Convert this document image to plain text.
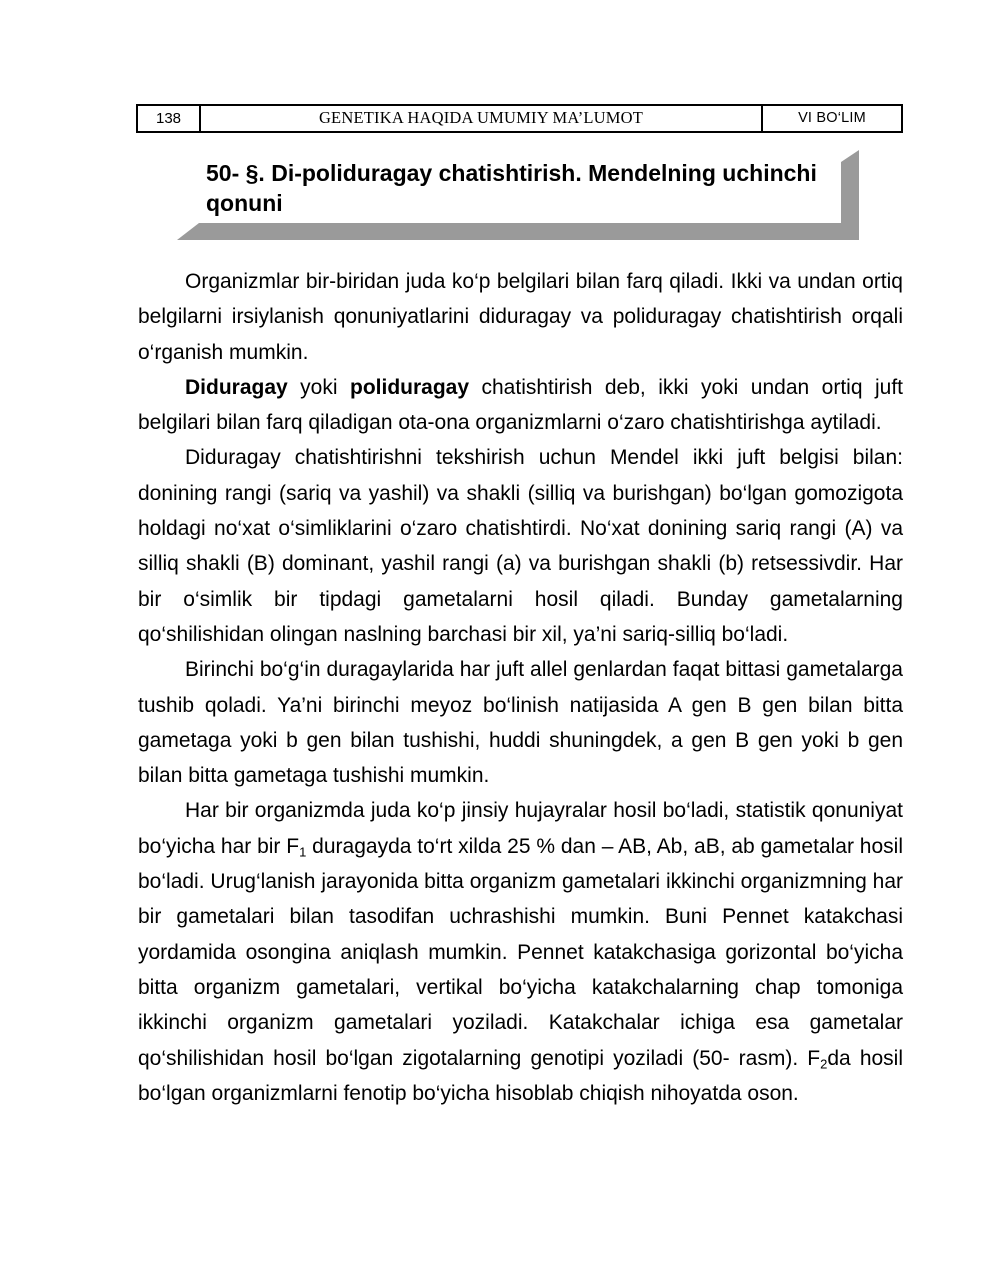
138	GENETIKA HAQIDA UMUMIY MA’LUMOT	VI BO‘LIM
50- §. Di-poliduragay chatishtirish. Mendelning uchinchi qonuni

Organizmlar bir-biridan juda ko‘p belgilari bilan farq qiladi. Ikki va undan ortiq belgilarni irsiylanish qonuniyatlarini diduragay va poliduragay chatishtirish orqali o‘rganish mumkin.

Diduragay yoki poliduragay chatishtirish deb, ikki yoki undan ortiq juft belgilari bilan farq qiladigan ota-ona organizmlarni o‘zaro chatishtirishga aytiladi.

Diduragay chatishtirishni tekshirish uchun Mendel ikki juft belgisi bilan: donining rangi (sariq va yashil) va shakli (silliq va burishgan) bo‘lgan gomozigota holdagi no‘xat o‘simliklarini o‘zaro chatishtirdi. No‘xat donining sariq rangi (A) va silliq shakli (B) dominant, yashil rangi (a) va burishgan shakli (b) retsessivdir. Har bir o‘simlik bir tipdagi gametalarni hosil qiladi. Bunday gametalarning qo‘shilishidan olingan naslning barchasi bir xil, ya’ni sariq-silliq bo‘ladi.

Birinchi bo‘g‘in duragaylarida har juft allel genlardan faqat bittasi gametalarga tushib qoladi. Ya’ni birinchi meyoz bo‘linish natijasida A gen B gen bilan bitta gametaga yoki b gen bilan tushishi, huddi shuningdek, a gen B gen yoki b gen bilan bitta gametaga tushishi mumkin.

Har bir organizmda juda ko‘p jinsiy hujayralar hosil bo‘ladi, statistik qonuniyat bo‘yicha har bir $F_1$ duragayda to‘rt xilda 25 % dan – AB, Ab, aB, ab gametalar hosil bo‘ladi. Urug‘lanish jarayonida bitta organizm gametalari ikkinchi organizmning har bir gametalari bilan tasodifan uchrashishi mumkin. Buni Pennet katakchasi yordamida osongina aniqlash mumkin. Pennet katakchasiga gorizontal bo‘yicha bitta organizm gametalari, vertikal bo‘yicha katakchalarning chap tomoniga ikkinchi organizm gametalari yoziladi. Katakchalar ichiga esa gametalar qo‘shilishidan hosil bo‘lgan zigotalarning genotipi yoziladi (50- rasm). $F_2da$ hosil bo‘lgan organizmlarni fenotip bo‘yicha hisoblab chiqish nihoyatda oson.
